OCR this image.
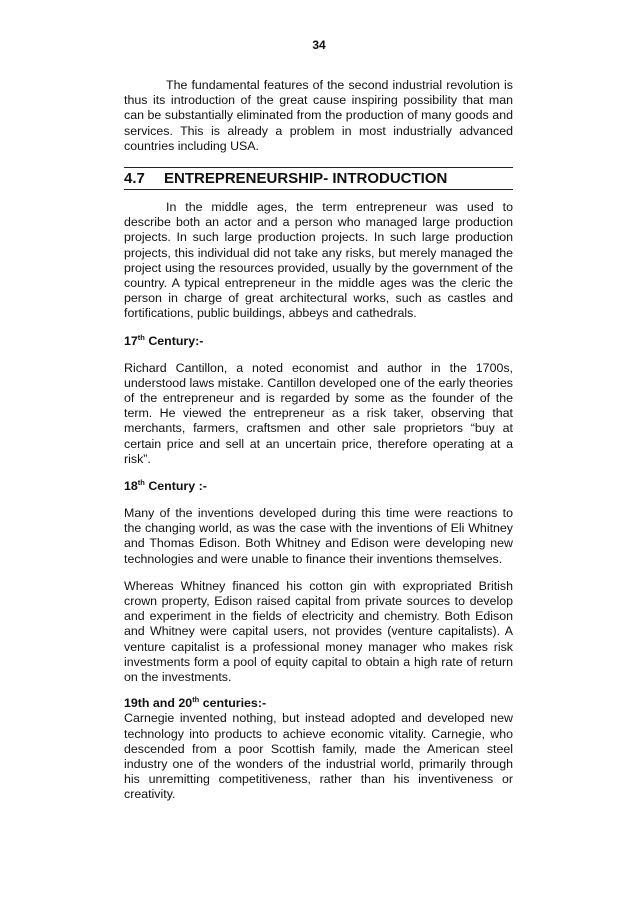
34

The fundamental features of the second industrial revolution is thus its introduction of the great cause inspiring possibility that man can be substantially eliminated from the production of many goods and services. This is already a problem in most industrially advanced countries including USA.

4.7	ENTREPRENEURSHIP- INTRODUCTION

In the middle ages, the term entrepreneur was used to describe both an actor and a person who managed large production projects. In such large production projects. In such large production projects, this individual did not take any risks, but merely managed the project using the resources provided, usually by the government of the country. A typical entrepreneur in the middle ages was the cleric the person in charge of great architectural works, such as castles and fortifications, public buildings, abbeys and cathedrals.

17th Century:-

Richard Cantillon, a noted economist and author in the 1700s, understood laws mistake. Cantillon developed one of the early theories of the entrepreneur and is regarded by some as the founder of the term. He viewed the entrepreneur as a risk taker, observing that merchants, farmers, craftsmen and other sale proprietors “buy at certain price and sell at an uncertain price, therefore operating at a risk”.

18th Century :-

Many of the inventions developed during this time were reactions to the changing world, as was the case with the inventions of Eli Whitney and Thomas Edison. Both Whitney and Edison were developing new technologies and were unable to finance their inventions themselves.

Whereas Whitney financed his cotton gin with expropriated British crown property, Edison raised capital from private sources to develop and experiment in the fields of electricity and chemistry. Both Edison and Whitney were capital users, not provides (venture capitalists). A venture capitalist is a professional money manager who makes risk investments form a pool of equity capital to obtain a high rate of return on the investments.

19th and 20th centuries:-

Carnegie invented nothing, but instead adopted and developed new technology into products to achieve economic vitality. Carnegie, who descended from a poor Scottish family, made the American steel industry one of the wonders of the industrial world, primarily through his unremitting competitiveness, rather than his inventiveness or creativity.
